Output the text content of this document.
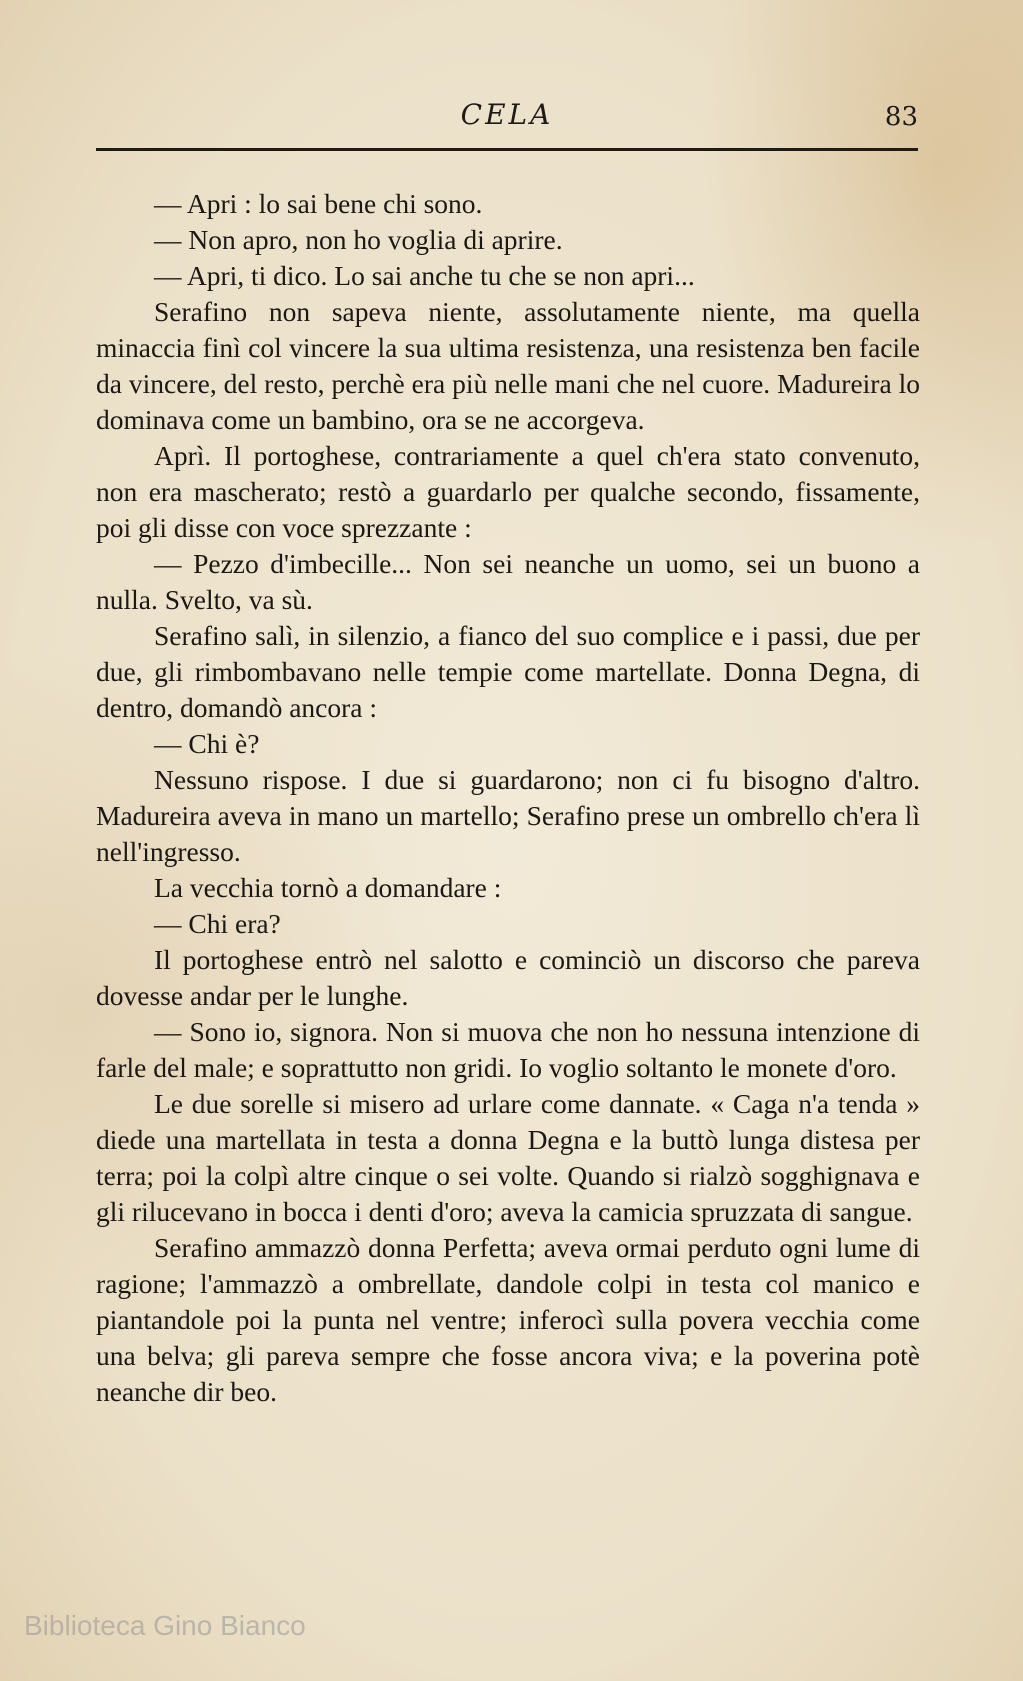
CELA	83

— Apri : lo sai bene chi sono.

— Non apro, non ho voglia di aprire.

— Apri, ti dico. Lo sai anche tu che se non apri...

Serafino non sapeva niente, assolutamente niente, ma quella minaccia finì col vincere la sua ultima resistenza, una resistenza ben facile da vincere, del resto, perchè era più nelle mani che nel cuore. Madureira lo dominava come un bambino, ora se ne accorgeva.

Aprì. Il portoghese, contrariamente a quel ch'era stato convenuto, non era mascherato; restò a guardarlo per qualche secondo, fissamente, poi gli disse con voce sprezzante :

— Pezzo d'imbecille... Non sei neanche un uomo, sei un buono a nulla. Svelto, va sù.

Serafino salì, in silenzio, a fianco del suo complice e i passi, due per due, gli rimbombavano nelle tempie come martellate. Donna Degna, di dentro, domandò ancora :

— Chi è?

Nessuno rispose. I due si guardarono; non ci fu bisogno d'altro. Madureira aveva in mano un martello; Serafino prese un ombrello ch'era lì nell'ingresso.

La vecchia tornò a domandare :

— Chi era?

Il portoghese entrò nel salotto e cominciò un discorso che pareva dovesse andar per le lunghe.

— Sono io, signora. Non si muova che non ho nessuna intenzione di farle del male; e soprattutto non gridi. Io voglio soltanto le monete d'oro.

Le due sorelle si misero ad urlare come dannate. « Caga n'a tenda » diede una martellata in testa a donna Degna e la buttò lunga distesa per terra; poi la colpì altre cinque o sei volte. Quando si rialzò sogghignava e gli rilucevano in bocca i denti d'oro; aveva la camicia spruzzata di sangue.

Serafino ammazzò donna Perfetta; aveva ormai perduto ogni lume di ragione; l'ammazzò a ombrellate, dandole colpi in testa col manico e piantandole poi la punta nel ventre; inferocì sulla povera vecchia come una belva; gli pareva sempre che fosse ancora viva; e la poverina potè neanche dir beo.

Biblioteca Gino Bianco
